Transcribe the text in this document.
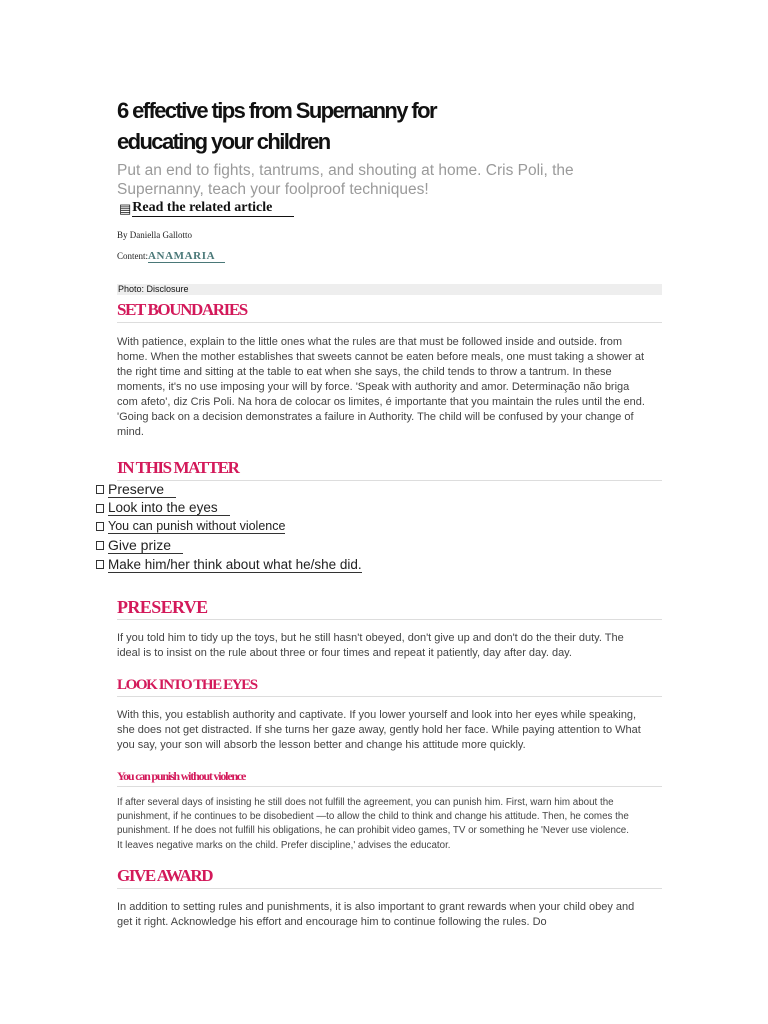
6 effective tips from Supernanny for educating your children

Put an end to fights, tantrums, and shouting at home. Cris Poli, the Supernanny, teach your foolproof techniques!

▤ Read the related article
By Daniella Gallotto
Content:ANAMARIA
Photo: Disclosure
SET BOUNDARIES

With patience, explain to the little ones what the rules are that must be followed inside and outside. from home. When the mother establishes that sweets cannot be eaten before meals, one must taking a shower at the right time and sitting at the table to eat when she says, the child tends to throw a tantrum. In these moments, it's no use imposing your will by force. 'Speak with authority and amor. Determinação não briga com afeto', diz Cris Poli. Na hora de colocar os limites, é importante that you maintain the rules until the end. 'Going back on a decision demonstrates a failure in Authority. The child will be confused by your change of mind.

IN THIS MATTER
PRESERVE

If you told him to tidy up the toys, but he still hasn't obeyed, don't give up and don't do the their duty. The ideal is to insist on the rule about three or four times and repeat it patiently, day after day. day.

LOOK INTO THE EYES

With this, you establish authority and captivate. If you lower yourself and look into her eyes while speaking, she does not get distracted. If she turns her gaze away, gently hold her face. While paying attention to What you say, your son will absorb the lesson better and change his attitude more quickly.

You can punish without violence

If after several days of insisting he still does not fulfill the agreement, you can punish him. First, warn him about the punishment, if he continues to be disobedient —to allow the child to think and change his attitude. Then, he comes the punishment. If he does not fulfill his obligations, he can prohibit video games, TV or something he 'Never use violence. It leaves negative marks on the child. Prefer discipline,' advises the educator.

GIVE AWARD

In addition to setting rules and punishments, it is also important to grant rewards when your child obey and get it right. Acknowledge his effort and encourage him to continue following the rules. Do

Preserve
Look into the eyes
You can punish without violence
Give prize
Make him/her think about what he/she did.
